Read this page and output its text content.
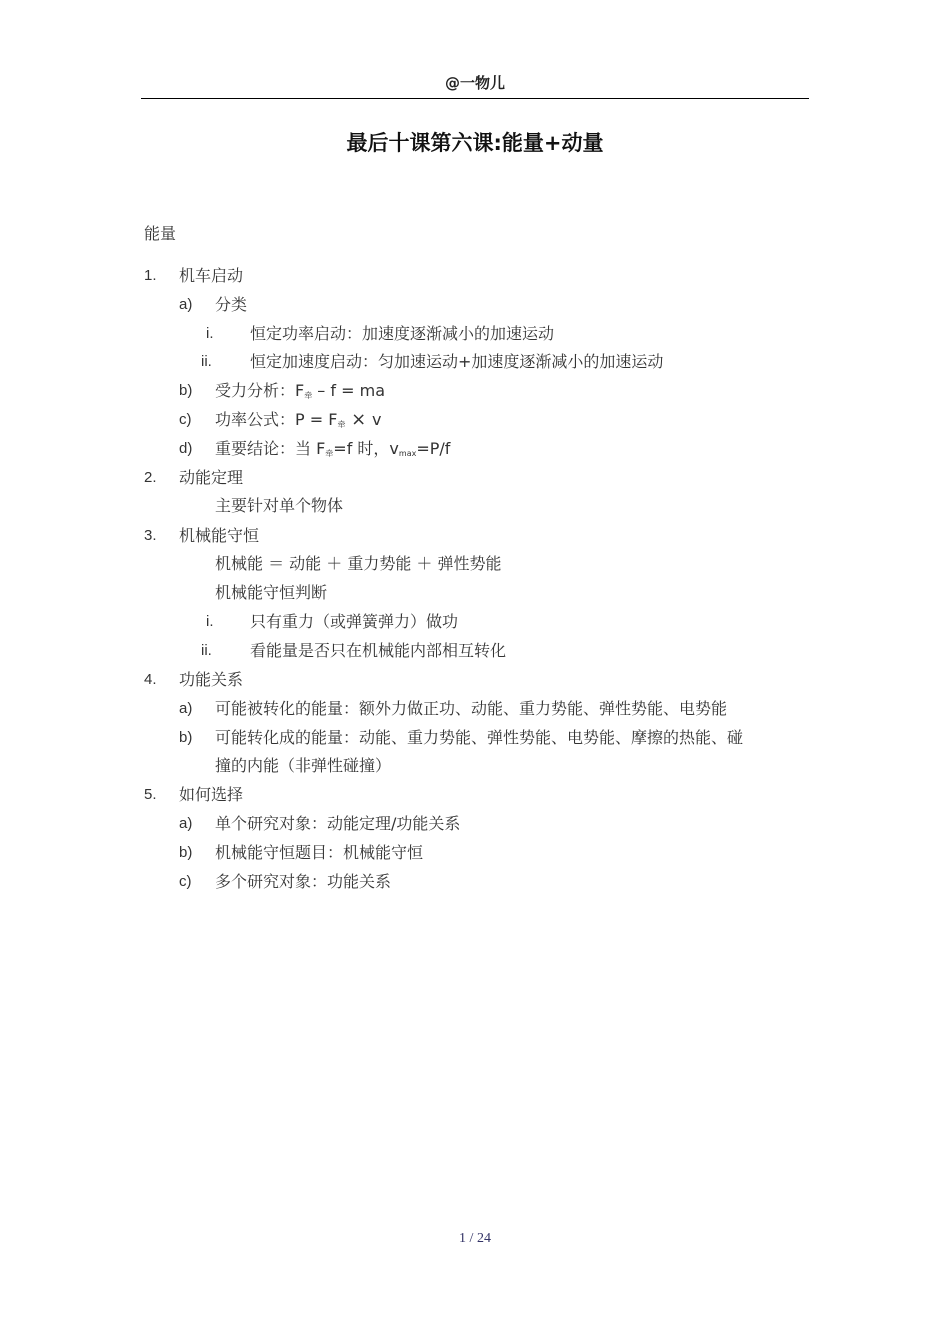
@一物儿
最后十课第六课:能量+动量
能量
1. 机车启动
a) 分类
i. 恒定功率启动：加速度逐渐减小的加速运动
ii. 恒定加速度启动：匀加速运动+加速度逐渐减小的加速运动
b) 受力分析：$F_牵$ – f = ma
c) 功率公式：$P = F_牵 \times v$
d) 重要结论：当 $F_牵=f$ 时，$v_{max}=P/f$
2. 动能定理
主要针对单个物体
3. 机械能守恒
机械能 ＝ 动能 ＋ 重力势能 ＋ 弹性势能
机械能守恒判断
i. 只有重力（或弹簧弹力）做功
ii. 看能量是否只在机械能内部相互转化
4. 功能关系
a) 可能被转化的能量：额外力做正功、动能、重力势能、弹性势能、电势能
b) 可能转化成的能量：动能、重力势能、弹性势能、电势能、摩擦的热能、碰
撞的内能（非弹性碰撞）
5. 如何选择
a) 单个研究对象：动能定理/功能关系
b) 机械能守恒题目：机械能守恒
c) 多个研究对象：功能关系
1 / 24
